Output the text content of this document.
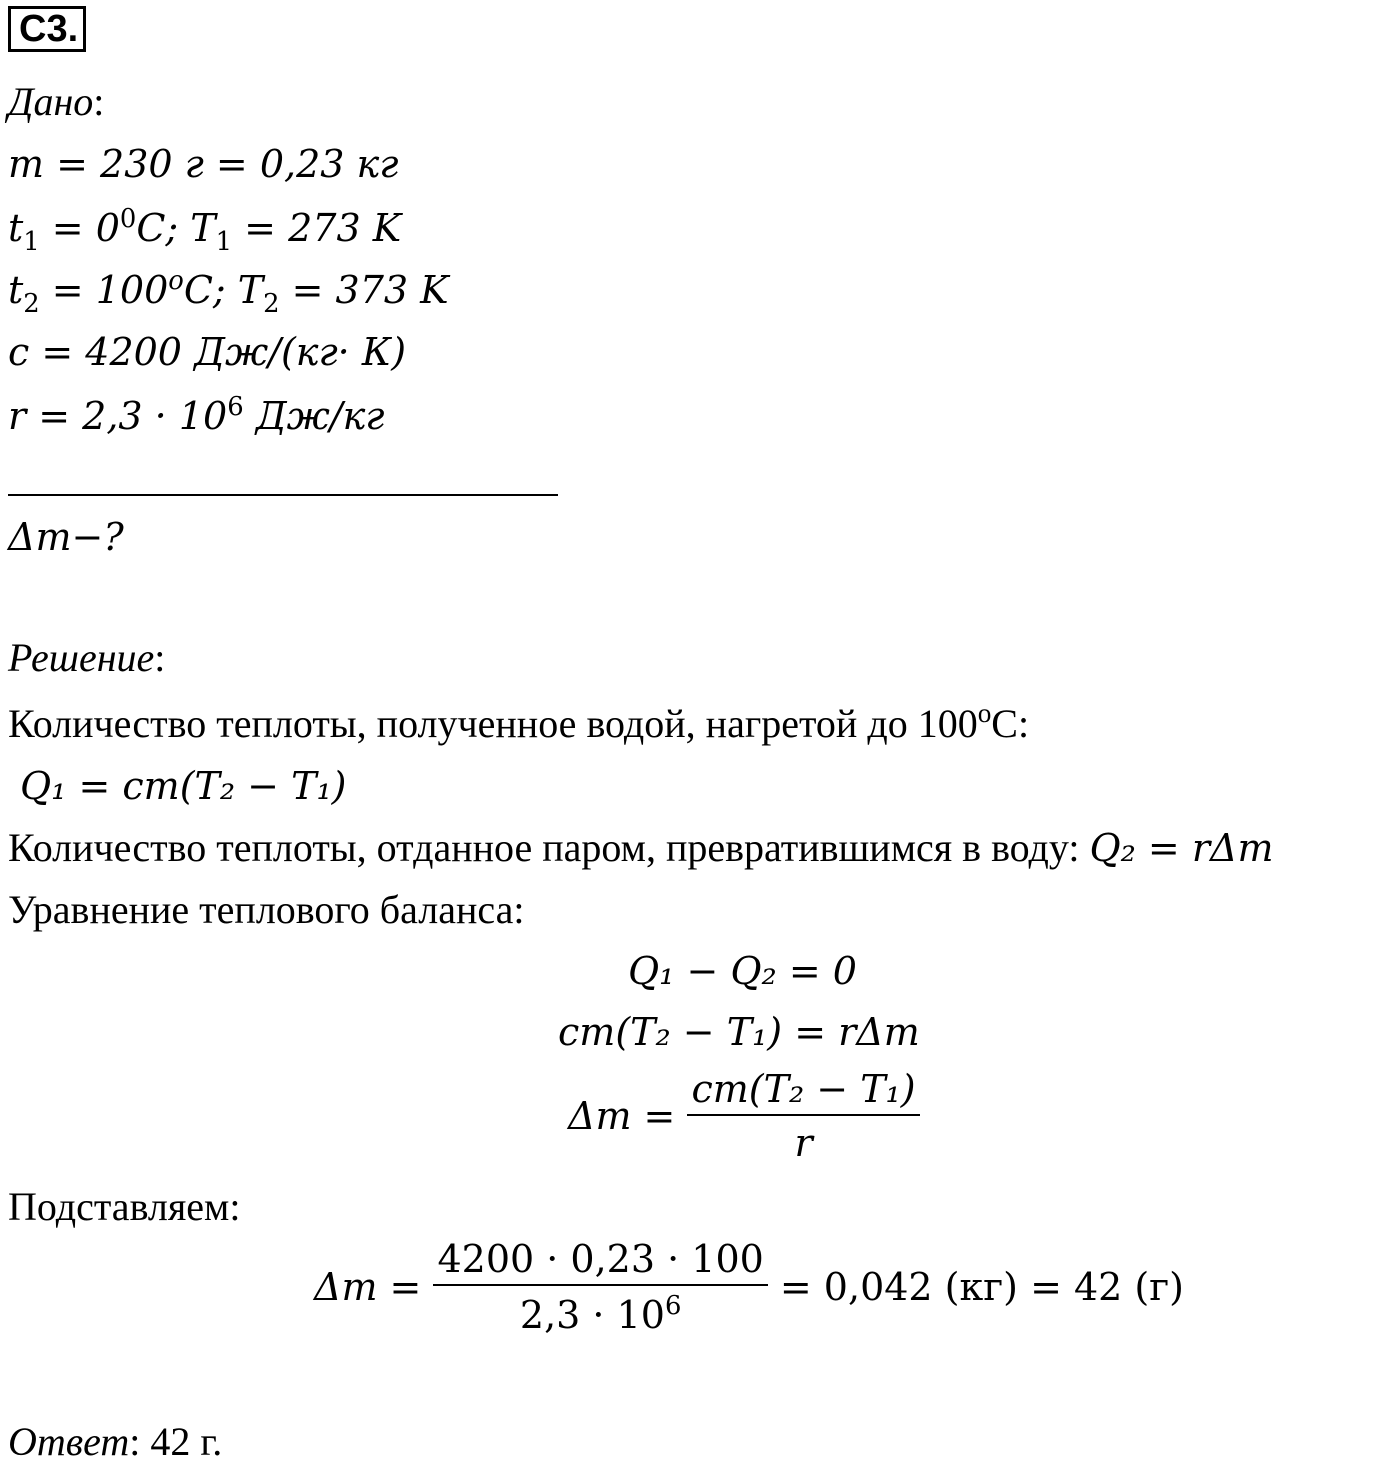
С3.
Дано:
m = 230 г = 0,23 кг
$t_1 = 0^0C$; $T_1 = 273$ K
$t_2 = 100^oC$; $T_2 = 373$ K
c = 4200 Дж/(кг· К)
$r = 2,3 \cdot 10^6$ Дж/кг
Δm−?
Решение:
Количество теплоты, полученное водой, нагретой до $100^оС$:
Q₁ = cm(T₂ − T₁)
Количество теплоты, отданное паром, превратившимся в воду: Q₂ = rΔm
Уравнение теплового баланса:
Q₁ − Q₂ = 0
cm(T₂ − T₁) = rΔm
$\Delta m = \frac{\text{cm(T₂ − T₁)}}{r}$
Подставляем:
$\Delta m = \frac{4200 \cdot 0,23 \cdot 100}{2,3 \cdot 10^6} = 0,042$ (кг) = 42 (г)
Ответ: 42 г.
